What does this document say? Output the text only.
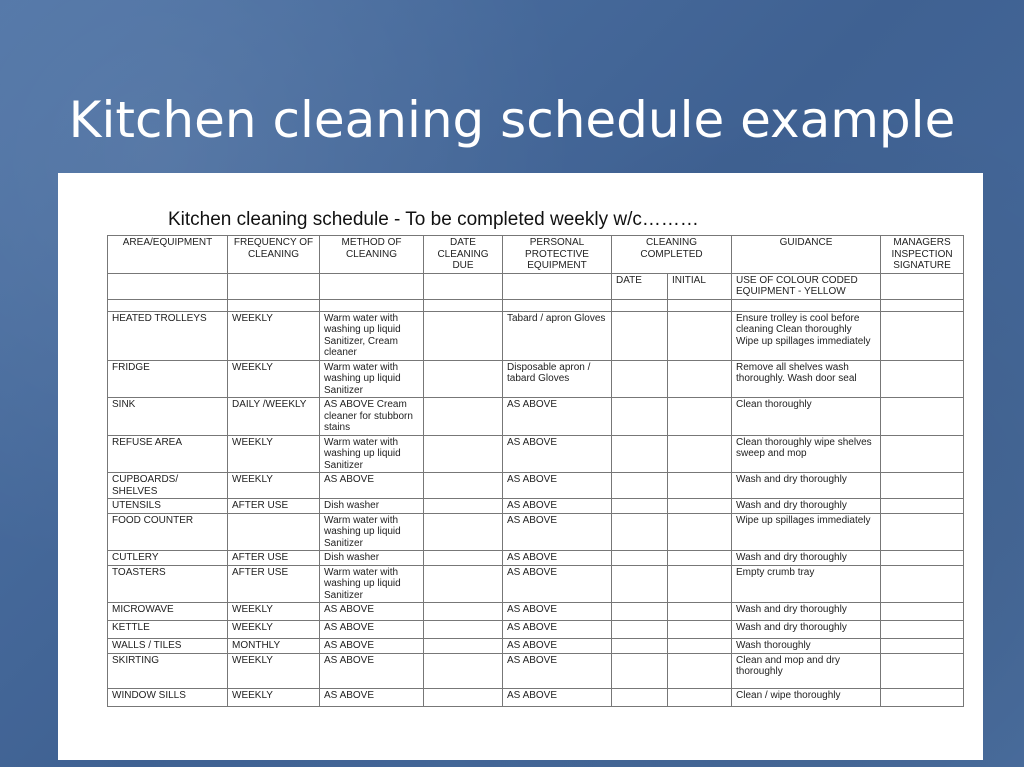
Kitchen cleaning schedule example
Kitchen cleaning schedule - To be completed weekly w/c………
AREA/EQUIPMENT	FREQUENCY OF CLEANING	METHOD OF CLEANING	DATE CLEANING DUE	PERSONAL PROTECTIVE EQUIPMENT	CLEANING COMPLETED		GUIDANCE	MANAGERS INSPECTION SIGNATURE
					DATE	INITIAL	USE OF COLOUR CODED EQUIPMENT - YELLOW	

HEATED TROLLEYS	WEEKLY	Warm water with washing up liquid Sanitizer, Cream cleaner		Tabard / apron Gloves			Ensure trolley is cool before cleaning Clean thoroughly Wipe up spillages immediately	
FRIDGE	WEEKLY	Warm water with washing up liquid Sanitizer		Disposable apron / tabard Gloves			Remove all shelves wash thoroughly. Wash door seal	
SINK	DAILY /WEEKLY	AS ABOVE Cream cleaner for stubborn stains		AS ABOVE			Clean thoroughly	
REFUSE AREA	WEEKLY	Warm water with washing up liquid Sanitizer		AS ABOVE			Clean thoroughly wipe shelves sweep and mop	
CUPBOARDS/ SHELVES	WEEKLY	AS ABOVE		AS ABOVE			Wash and dry thoroughly	
UTENSILS	AFTER USE	Dish washer		AS ABOVE			Wash and dry thoroughly	
FOOD COUNTER		Warm water with washing up liquid Sanitizer		AS ABOVE			Wipe up spillages immediately	
CUTLERY	AFTER USE	Dish washer		AS ABOVE			Wash and dry thoroughly	
TOASTERS	AFTER USE	Warm water with washing up liquid Sanitizer		AS ABOVE			Empty crumb tray	
MICROWAVE	WEEKLY	AS ABOVE		AS ABOVE			Wash and dry thoroughly	
KETTLE	WEEKLY	AS ABOVE		AS ABOVE			Wash and dry thoroughly	
WALLS / TILES	MONTHLY	AS ABOVE		AS ABOVE			Wash thoroughly	
SKIRTING	WEEKLY	AS ABOVE		AS ABOVE			Clean and mop and dry thoroughly	
WINDOW SILLS	WEEKLY	AS ABOVE		AS ABOVE			Clean / wipe thoroughly	
